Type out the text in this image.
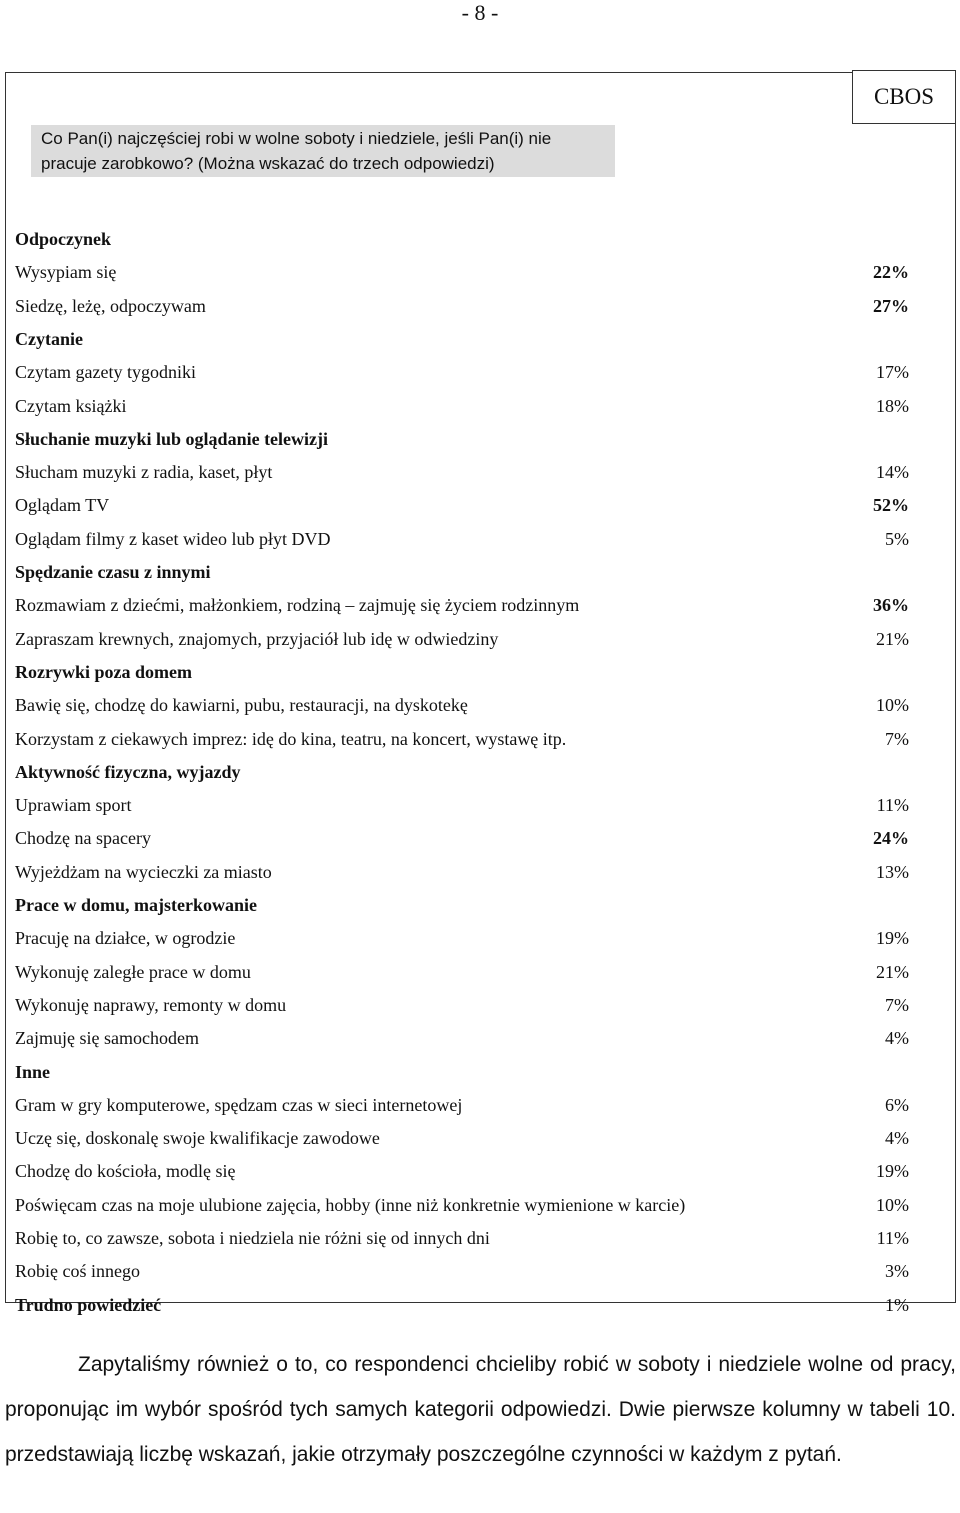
- 8 -
CBOS
Co Pan(i) najczęściej robi w wolne soboty i niedziele, jeśli Pan(i) nie pracuje zarobkowo? (Można wskazać do trzech odpowiedzi)
Odpoczynek
Wysypiam się	22%
Siedzę, leżę, odpoczywam	27%
Czytanie
Czytam gazety tygodniki	17%
Czytam książki	18%
Słuchanie muzyki lub oglądanie telewizji
Słucham muzyki z radia, kaset, płyt	14%
Oglądam TV	52%
Oglądam filmy z kaset wideo lub płyt DVD	5%
Spędzanie czasu z innymi
Rozmawiam z dziećmi, małżonkiem, rodziną – zajmuję się życiem rodzinnym	36%
Zapraszam krewnych, znajomych, przyjaciół lub idę w odwiedziny	21%
Rozrywki poza domem
Bawię się, chodzę do kawiarni, pubu, restauracji, na dyskotekę	10%
Korzystam z ciekawych imprez: idę do kina, teatru, na koncert, wystawę itp.	7%
Aktywność fizyczna, wyjazdy
Uprawiam sport	11%
Chodzę na spacery	24%
Wyjeżdżam na wycieczki za miasto	13%
Prace w domu, majsterkowanie
Pracuję na działce, w ogrodzie	19%
Wykonuję zaległe prace w domu	21%
Wykonuję naprawy, remonty w domu	7%
Zajmuję się samochodem	4%
Inne
Gram w gry komputerowe, spędzam czas w sieci internetowej	6%
Uczę się, doskonalę swoje kwalifikacje zawodowe	4%
Chodzę do kościoła, modlę się	19%
Poświęcam czas na moje ulubione zajęcia, hobby (inne niż konkretnie wymienione w karcie)	10%
Robię to, co zawsze, sobota i niedziela nie różni się od innych dni	11%
Robię coś innego	3%
Trudno powiedzieć	1%
Zapytaliśmy również o to, co respondenci chcieliby robić w soboty i niedziele wolne od pracy, proponując im wybór spośród tych samych kategorii odpowiedzi. Dwie pierwsze kolumny w tabeli 10. przedstawiają liczbę wskazań, jakie otrzymały poszczególne czynności w każdym z pytań.
